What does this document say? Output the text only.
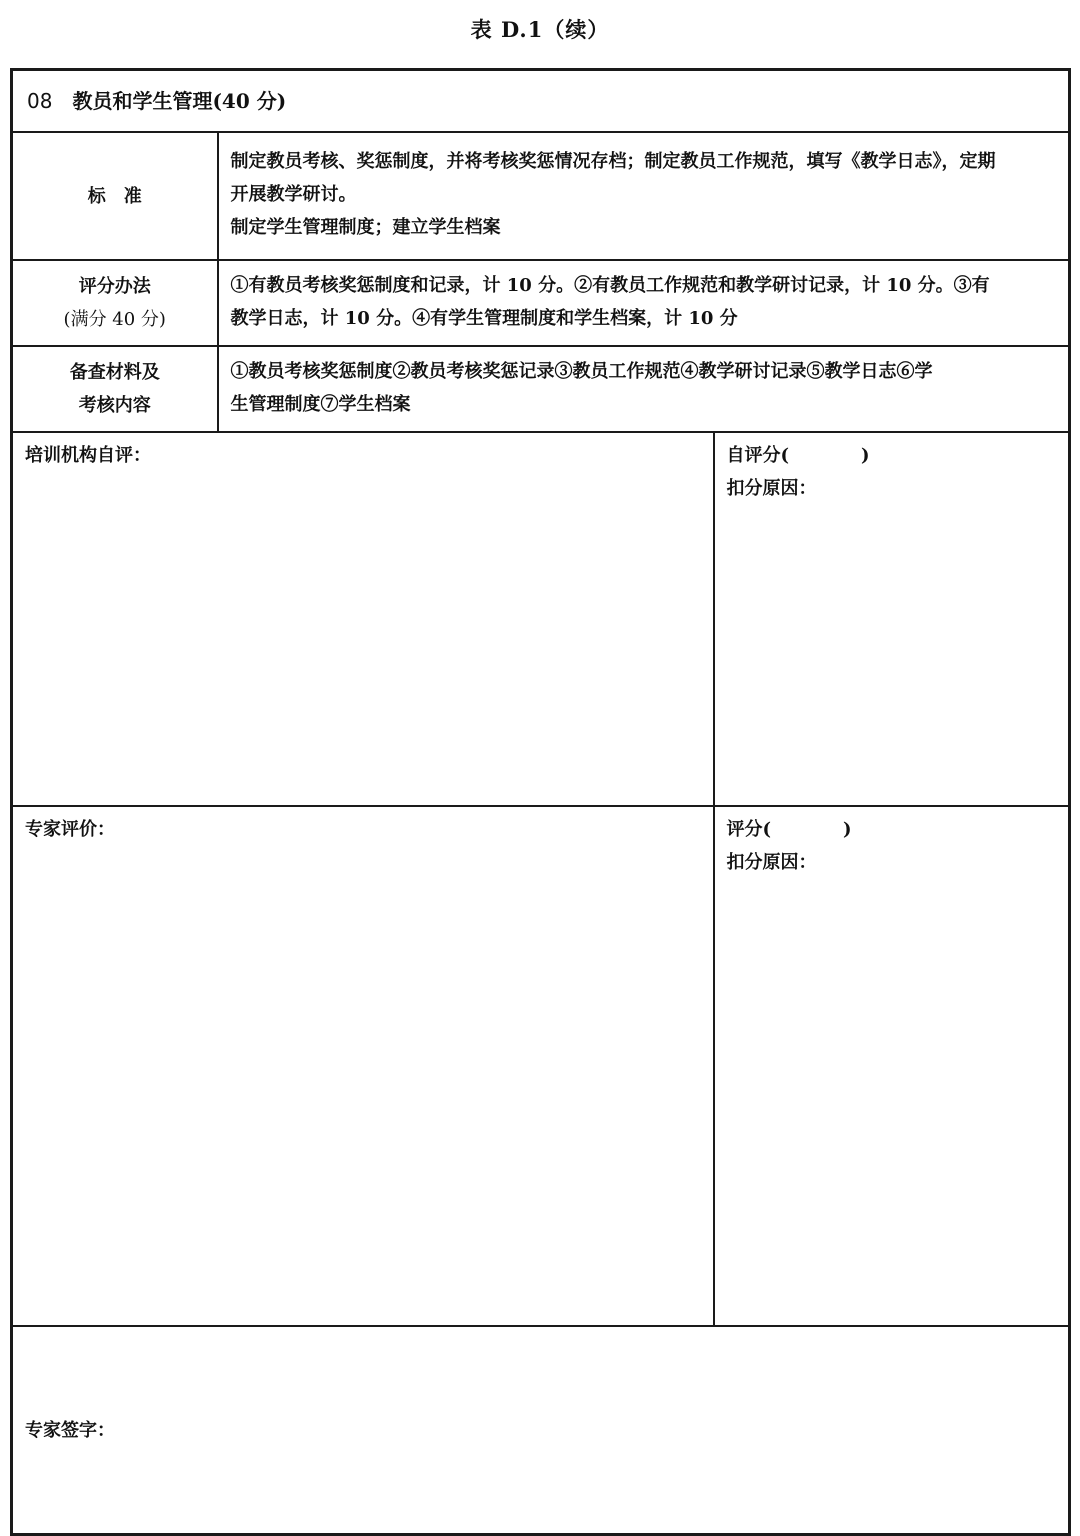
表 D.1（续）
08 教员和学生管理(40 分)		
标　准	制定教员考核、奖惩制度，并将考核奖惩情况存档；制定教员工作规范，填写《教学日志》，定期
开展教学研讨。
制定学生管理制度；建立学生档案	

评分办法
(满分 40 分)	①有教员考核奖惩制度和记录，计 10 分。②有教员工作规范和教学研讨记录，计 10 分。③有
教学日志，计 10 分。④有学生管理制度和学生档案，计 10 分	

备查材料及
考核内容	①教员考核奖惩制度②教员考核奖惩记录③教员工作规范④教学研讨记录⑤教学日志⑥学
生管理制度⑦学生档案	

培训机构自评：		自评分(　　　　)
扣分原因：

专家评价：		评分(　　　　)
扣分原因：

专家签字：		
